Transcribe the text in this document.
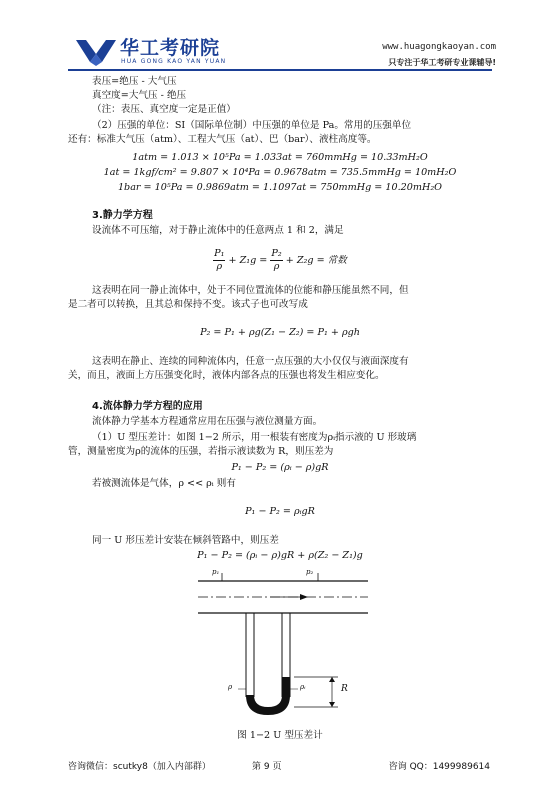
华工考研院
HUA GONG KAO YAN YUAN
www.huagongkaoyan.com
只专注于华工考研专业课辅导!
表压=绝压 - 大气压
真空度=大气压 - 绝压
（注：表压、真空度一定是正值）
（2）压强的单位：SI（国际单位制）中压强的单位是 Pa。常用的压强单位
还有：标准大气压（atm）、工程大气压（at）、巴（bar）、液柱高度等。
1atm = 1.013 × 10⁵Pa = 1.033at = 760mmHg = 10.33mH₂O
1at = 1kgf/cm² = 9.807 × 10⁴Pa = 0.9678atm = 735.5mmHg = 10mH₂O
1bar = 10⁵Pa = 0.9869atm = 1.1097at = 750mmHg = 10.20mH₂O
3.静力学方程
设流体不可压缩，对于静止流体中的任意两点 1 和 2，满足
$\frac{\text{P₁}}{\rho} + Z_1g = \frac{\text{P₂}}{\rho} + Z_2g$ = 常数
这表明在同一静止流体中，处于不同位置流体的位能和静压能虽然不同，但
是二者可以转换，且其总和保持不变。该式子也可改写成
P₂ = P₁ + ρg(Z₁ − Z₂) = P₁ + ρgh
这表明在静止、连续的同种流体内，任意一点压强的大小仅仅与液面深度有
关，而且，液面上方压强变化时，液体内部各点的压强也将发生相应变化。
4.流体静力学方程的应用
流体静力学基本方程通常应用在压强与液位测量方面。
（1）U 型压差计：如图 1−2 所示，用一根装有密度为ρᵢ指示液的 U 形玻璃
管，测量密度为ρ的流体的压强，若指示液读数为 R，则压差为
P₁ − P₂ = (ρᵢ − ρ)gR
若被测流体是气体，ρ << ρᵢ 则有
P₁ − P₂ = ρᵢgR
同一 U 形压差计安装在倾斜管路中，则压差
P₁ − P₂ = (ρᵢ − ρ)gR + ρ(Z₂ − Z₁)g
p₁	p₂
ρ	ρᵢ	R
图 1−2 U 型压差计
咨询微信：scutky8（加入内部群）	第 9 页	咨询 QQ：1499989614
